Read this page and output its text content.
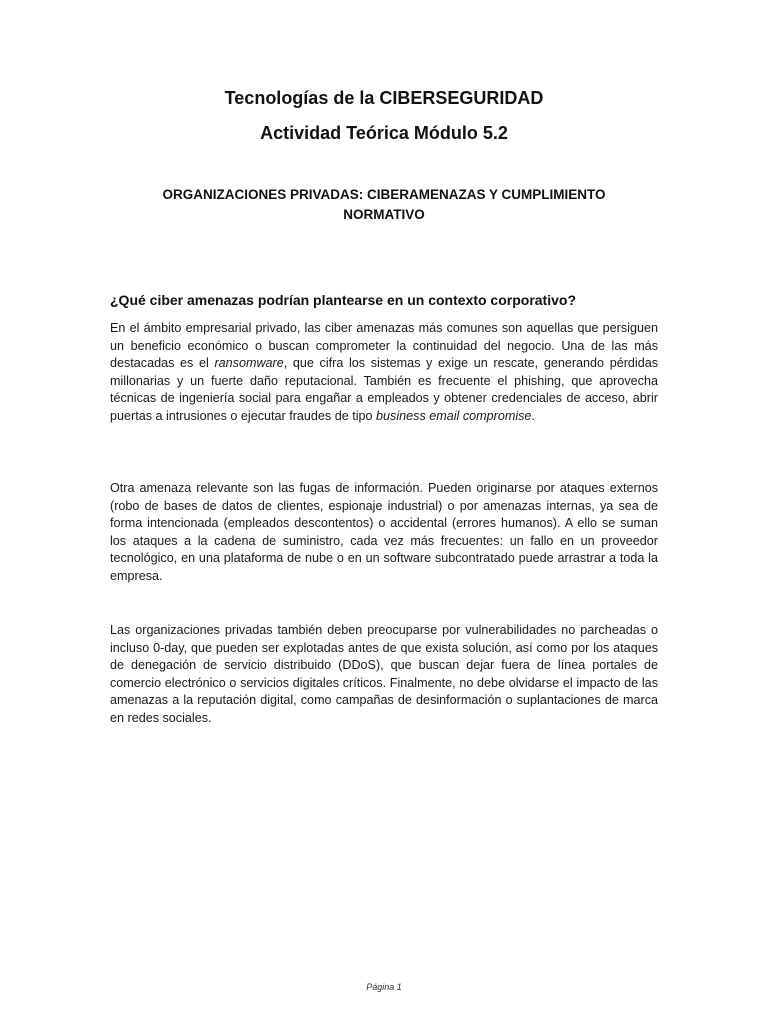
Tecnologías de la CIBERSEGURIDAD
Actividad Teórica Módulo 5.2
ORGANIZACIONES PRIVADAS: CIBERAMENAZAS Y CUMPLIMIENTO NORMATIVO
¿Qué ciber amenazas podrían plantearse en un contexto corporativo?

En el ámbito empresarial privado, las ciber amenazas más comunes son aquellas que persiguen un beneficio económico o buscan comprometer la continuidad del negocio. Una de las más destacadas es el ransomware, que cifra los sistemas y exige un rescate, generando pérdidas millonarias y un fuerte daño reputacional. También es frecuente el phishing, que aprovecha técnicas de ingeniería social para engañar a empleados y obtener credenciales de acceso, abrir puertas a intrusiones o ejecutar fraudes de tipo business email compromise.

Otra amenaza relevante son las fugas de información. Pueden originarse por ataques externos (robo de bases de datos de clientes, espionaje industrial) o por amenazas internas, ya sea de forma intencionada (empleados descontentos) o accidental (errores humanos). A ello se suman los ataques a la cadena de suministro, cada vez más frecuentes: un fallo en un proveedor tecnológico, en una plataforma de nube o en un software subcontratado puede arrastrar a toda la empresa.

Las organizaciones privadas también deben preocuparse por vulnerabilidades no parcheadas o incluso 0-day, que pueden ser explotadas antes de que exista solución, así como por los ataques de denegación de servicio distribuido (DDoS), que buscan dejar fuera de línea portales de comercio electrónico o servicios digitales críticos. Finalmente, no debe olvidarse el impacto de las amenazas a la reputación digital, como campañas de desinformación o suplantaciones de marca en redes sociales.

Página 1
